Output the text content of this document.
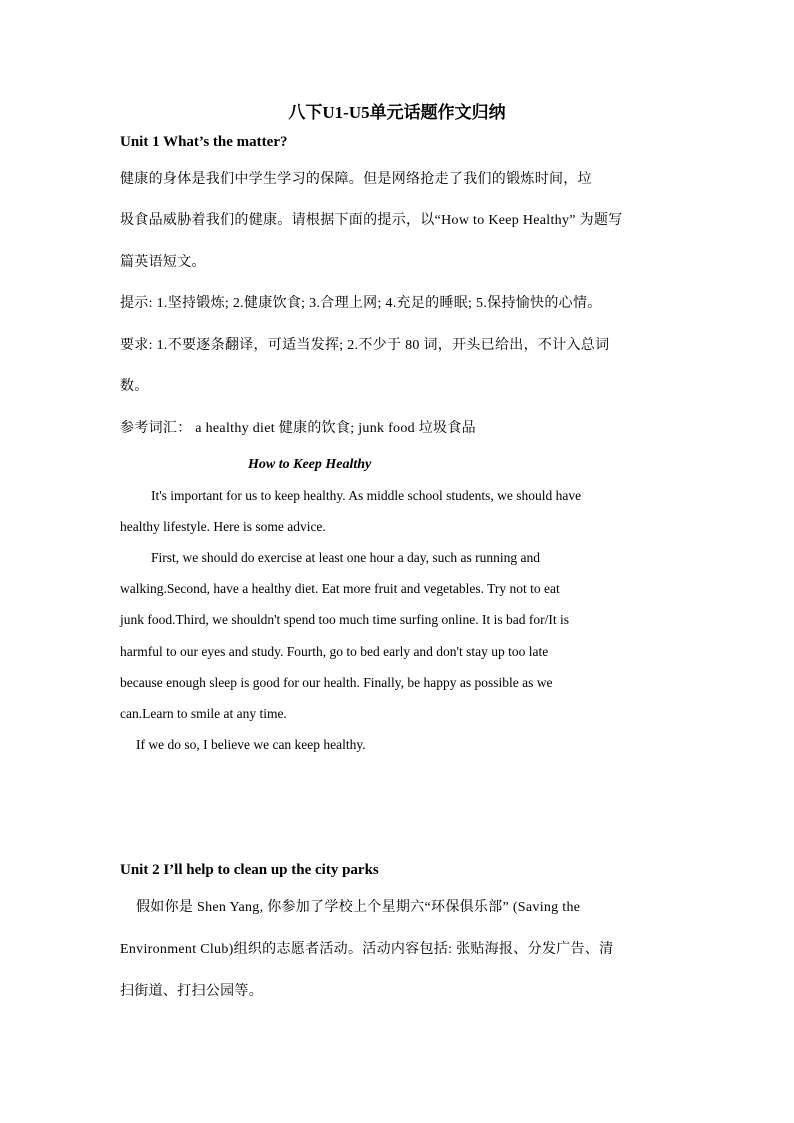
八下U1-U5单元话题作文归纳
Unit 1 What’s the matter?
健康的身体是我们中学生学习的保障。但是网络抢走了我们的锻炼时间，垃
圾食品威胁着我们的健康。请根据下面的提示，以“How to Keep Healthy” 为题写
篇英语短文。
提示: 1.坚持锻炼; 2.健康饮食; 3.合理上网; 4.充足的睡眠; 5.保持愉快的心情。
要求: 1.不要逐条翻译，可适当发挥; 2.不少于 80 词，开头已给出，不计入总词
数。
参考词汇： a healthy diet 健康的饮食; junk food 垃圾食品
How to Keep Healthy
It's important for us to keep healthy. As middle school students, we should have
healthy lifestyle. Here is some advice.
First, we should do exercise at least one hour a day, such as running and
walking.Second, have a healthy diet. Eat more fruit and vegetables. Try not to eat
junk food.Third, we shouldn't spend too much time surfing online. It is bad for/It is
harmful to our eyes and study. Fourth, go to bed early and don't stay up too late
because enough sleep is good for our health. Finally, be happy as possible as we
can.Learn to smile at any time.
If we do so, I believe we can keep healthy.
Unit 2 I’ll help to clean up the city parks
假如你是 Shen Yang, 你参加了学校上个星期六“环保俱乐部” (Saving the
Environment Club)组织的志愿者活动。活动内容包括: 张贴海报、分发广告、清
扫街道、打扫公园等。
